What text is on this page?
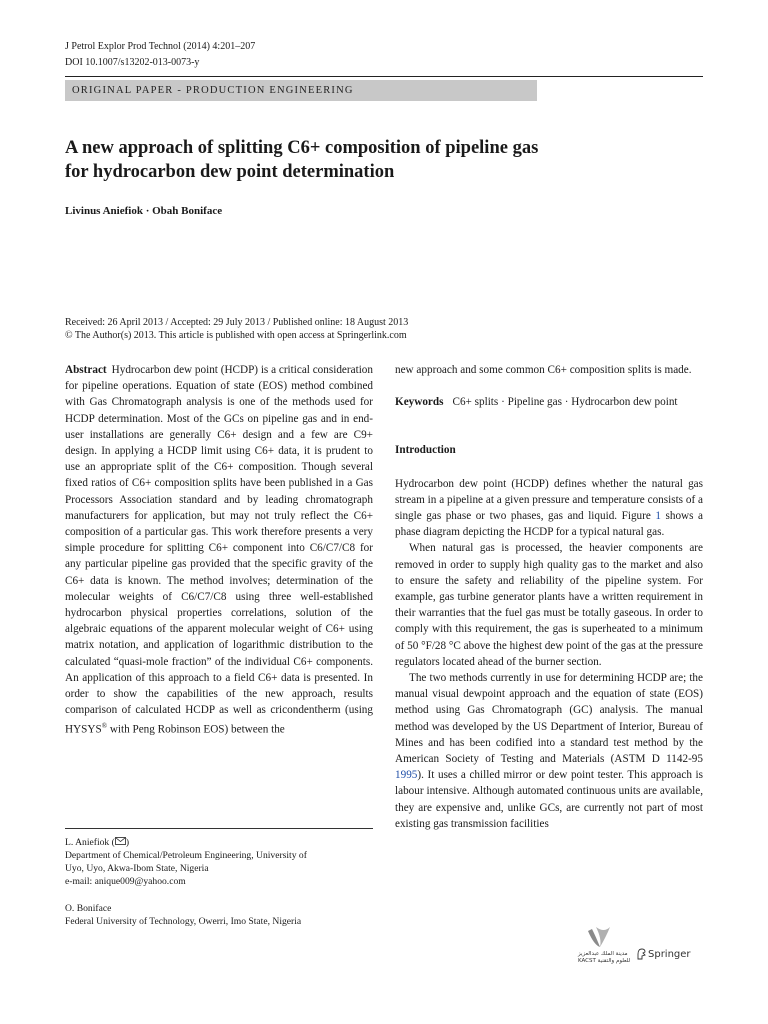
J Petrol Explor Prod Technol (2014) 4:201–207
DOI 10.1007/s13202-013-0073-y
ORIGINAL PAPER - PRODUCTION ENGINEERING
A new approach of splitting C6+ composition of pipeline gas
for hydrocarbon dew point determination
Livinus Aniefiok · Obah Boniface
Received: 26 April 2013 / Accepted: 29 July 2013 / Published online: 18 August 2013
© The Author(s) 2013. This article is published with open access at Springerlink.com

Abstract Hydrocarbon dew point (HCDP) is a critical consideration for pipeline operations. Equation of state (EOS) method combined with Gas Chromatograph analysis is one of the methods used for HCDP determination. Most of the GCs on pipeline gas and in end-user installations are generally C6+ design and a few are C9+ design. In applying a HCDP limit using C6+ data, it is prudent to use an appropriate split of the C6+ composition. Though several fixed ratios of C6+ composition splits have been published in a Gas Processors Association standard and by leading chromatograph manufacturers for application, but may not truly reflect the C6+ composition of a particular gas. This work therefore presents a very simple procedure for splitting C6+ component into C6/C7/C8 for any particular pipeline gas provided that the specific gravity of the C6+ data is known. The method involves; determination of the molecular weights of C6/C7/C8 using three well-established hydrocarbon physical properties correlations, solution of the algebraic equations of the apparent molecular weight of C6+ using matrix notation, and application of logarithmic distribution to the calculated “quasi-mole fraction” of the individual C6+ components. An application of this approach to a field C6+ data is presented. In order to show the capabilities of the new approach, results comparison of calculated HCDP as well as cricondentherm (using HYSYS® with Peng Robinson EOS) between the

L. Aniefiok ( )
Department of Chemical/Petroleum Engineering, University of
Uyo, Uyo, Akwa-Ibom State, Nigeria
e-mail: anique009@yahoo.com
O. Boniface
Federal University of Technology, Owerri, Imo State, Nigeria

new approach and some common C6+ composition splits is made.

Keywords C6+ splits · Pipeline gas · Hydrocarbon dew point

Introduction

Hydrocarbon dew point (HCDP) defines whether the natural gas stream in a pipeline at a given pressure and temperature consists of a single gas phase or two phases, gas and liquid. Figure 1 shows a phase diagram depicting the HCDP for a typical natural gas.

When natural gas is processed, the heavier components are removed in order to supply high quality gas to the market and also to ensure the safety and reliability of the pipeline system. For example, gas turbine generator plants have a written requirement in their warranties that the fuel gas must be totally gaseous. In order to comply with this requirement, the gas is superheated to a minimum of 50 °F/28 °C above the highest dew point of the gas at the pressure regulators located ahead of the burner section.

The two methods currently in use for determining HCDP are; the manual visual dewpoint approach and the equation of state (EOS) method using Gas Chromatograph (GC) analysis. The manual method was developed by the US Department of Interior, Bureau of Mines and has been codified into a standard test method by the American Society of Testing and Materials (ASTM D 1142-95 1995). It uses a chilled mirror or dew point tester. This approach is labour intensive. Although automated continuous units are available, they are expensive and, unlike GCs, are currently not part of most existing gas transmission facilities

مدينة الملك عبدالعزيز
KACST للعلوم والتقنية
Springer
